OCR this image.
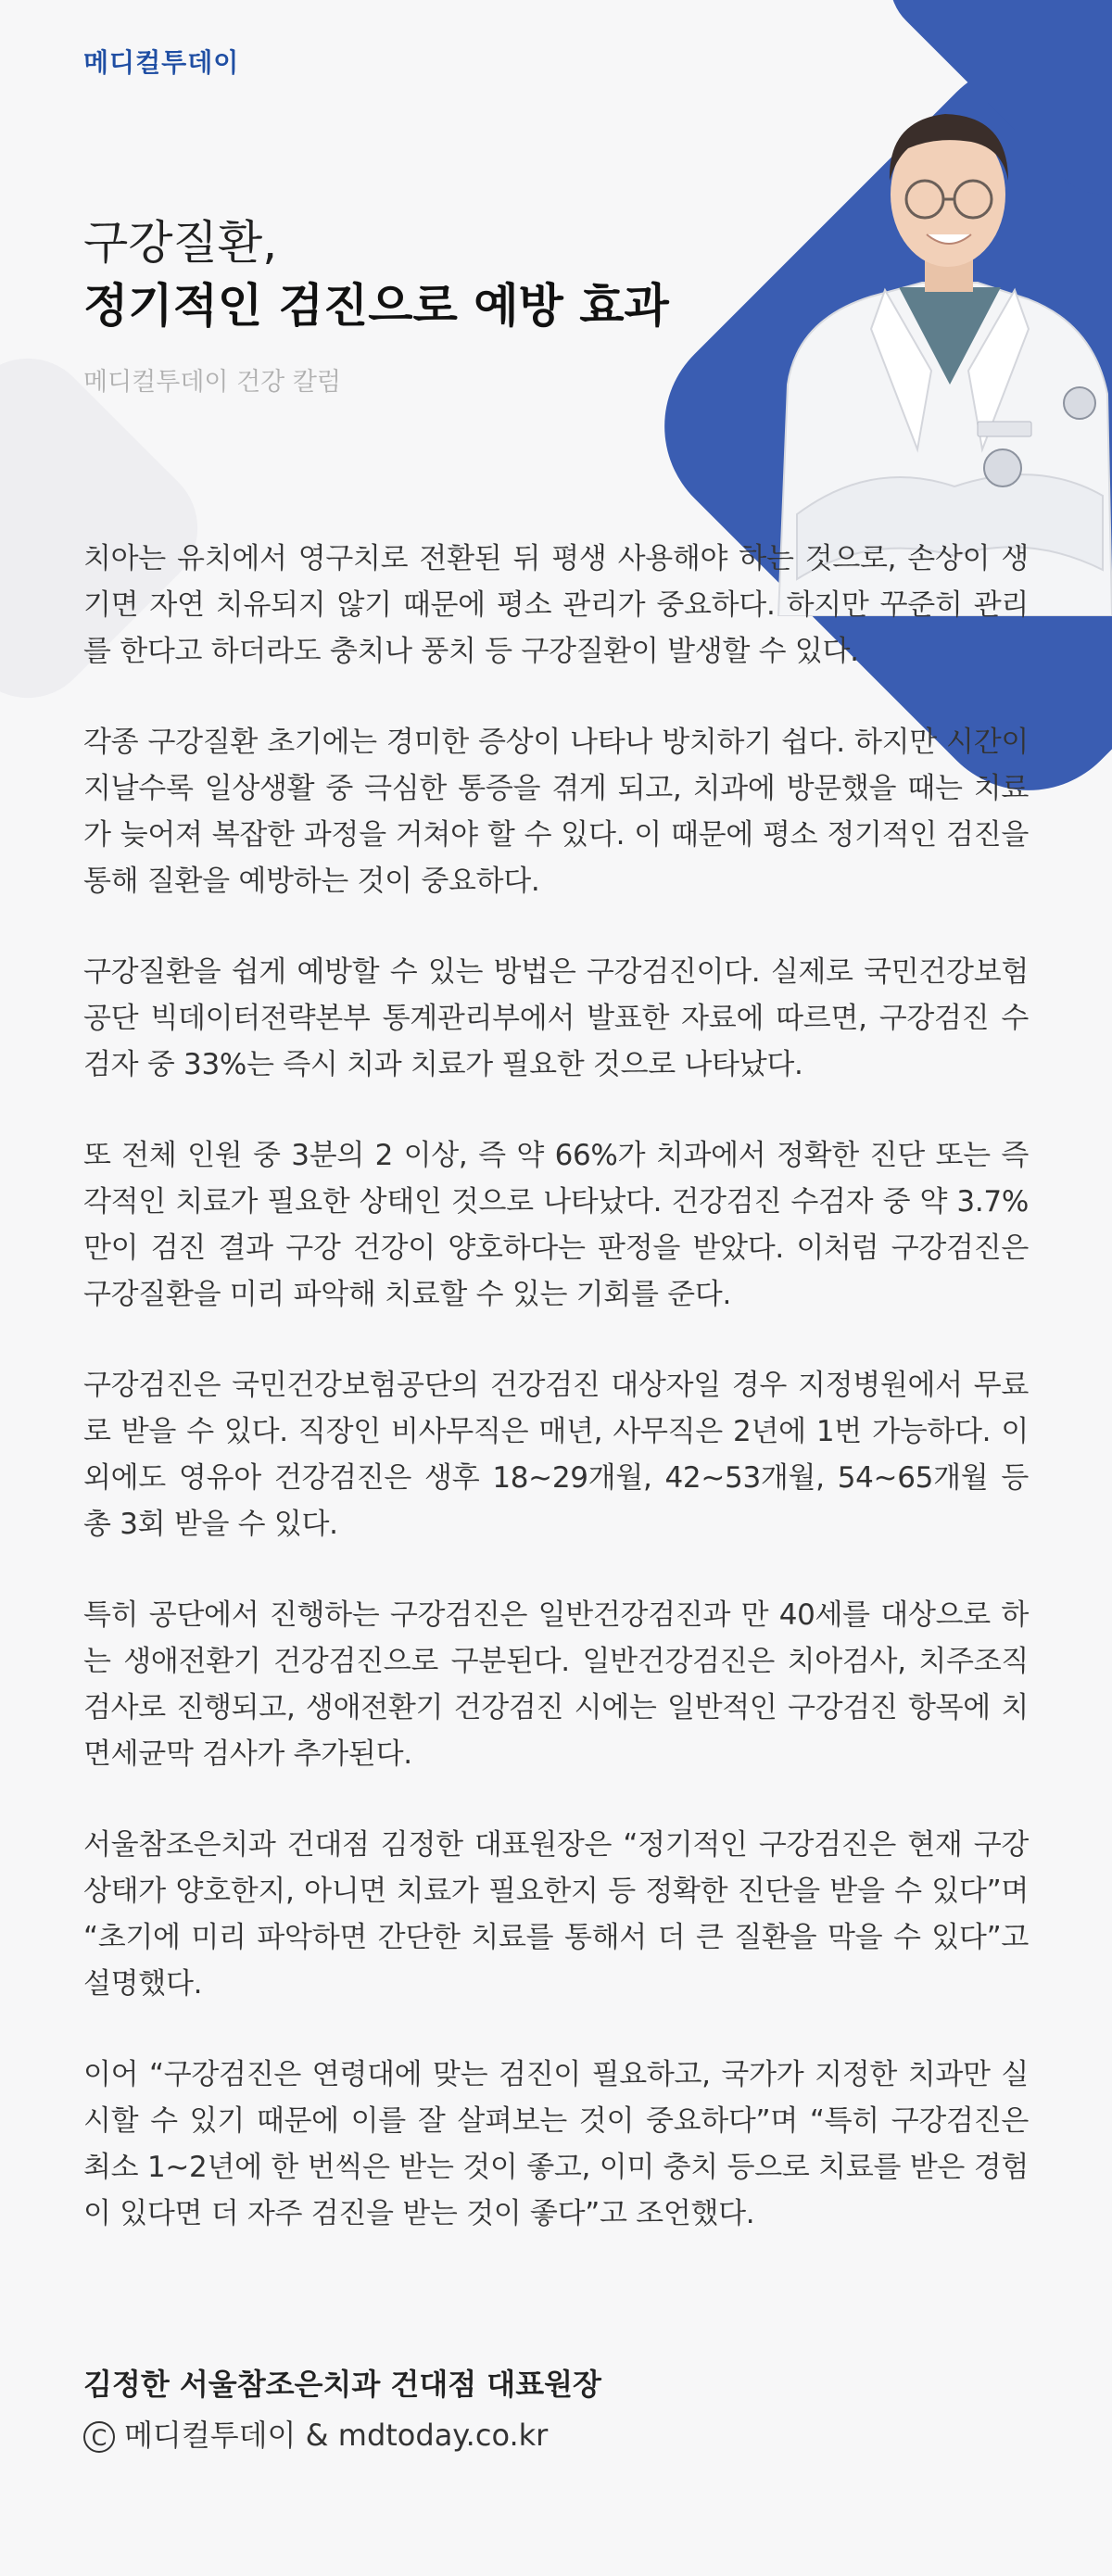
메디컬투데이
구강질환,
정기적인 검진으로 예방 효과
메디컬투데이 건강 칼럼

치아는 유치에서 영구치로 전환된 뒤 평생 사용해야 하는 것으로, 손상이 생기면 자연 치유되지 않기 때문에 평소 관리가 중요하다. 하지만 꾸준히 관리를 한다고 하더라도 충치나 풍치 등 구강질환이 발생할 수 있다.

각종 구강질환 초기에는 경미한 증상이 나타나 방치하기 쉽다. 하지만 시간이 지날수록 일상생활 중 극심한 통증을 겪게 되고, 치과에 방문했을 때는 치료가 늦어져 복잡한 과정을 거쳐야 할 수 있다. 이 때문에 평소 정기적인 검진을 통해 질환을 예방하는 것이 중요하다.

구강질환을 쉽게 예방할 수 있는 방법은 구강검진이다. 실제로 국민건강보험공단 빅데이터전략본부 통계관리부에서 발표한 자료에 따르면, 구강검진 수검자 중 33%는 즉시 치과 치료가 필요한 것으로 나타났다.

또 전체 인원 중 3분의 2 이상, 즉 약 66%가 치과에서 정확한 진단 또는 즉각적인 치료가 필요한 상태인 것으로 나타났다. 건강검진 수검자 중 약 3.7%만이 검진 결과 구강 건강이 양호하다는 판정을 받았다. 이처럼 구강검진은 구강질환을 미리 파악해 치료할 수 있는 기회를 준다.

구강검진은 국민건강보험공단의 건강검진 대상자일 경우 지정병원에서 무료로 받을 수 있다. 직장인 비사무직은 매년, 사무직은 2년에 1번 가능하다. 이외에도 영유아 건강검진은 생후 18~29개월, 42~53개월, 54~65개월 등 총 3회 받을 수 있다.

특히 공단에서 진행하는 구강검진은 일반건강검진과 만 40세를 대상으로 하는 생애전환기 건강검진으로 구분된다. 일반건강검진은 치아검사, 치주조직검사로 진행되고, 생애전환기 건강검진 시에는 일반적인 구강검진 항목에 치면세균막 검사가 추가된다.

서울참조은치과 건대점 김정한 대표원장은 “정기적인 구강검진은 현재 구강 상태가 양호한지, 아니면 치료가 필요한지 등 정확한 진단을 받을 수 있다”며 “초기에 미리 파악하면 간단한 치료를 통해서 더 큰 질환을 막을 수 있다”고 설명했다.

이어 “구강검진은 연령대에 맞는 검진이 필요하고, 국가가 지정한 치과만 실시할 수 있기 때문에 이를 잘 살펴보는 것이 중요하다”며 “특히 구강검진은 최소 1~2년에 한 번씩은 받는 것이 좋고, 이미 충치 등으로 치료를 받은 경험이 있다면 더 자주 검진을 받는 것이 좋다”고 조언했다.

김정한 서울참조은치과 건대점 대표원장
C 메디컬투데이 & mdtoday.co.kr
